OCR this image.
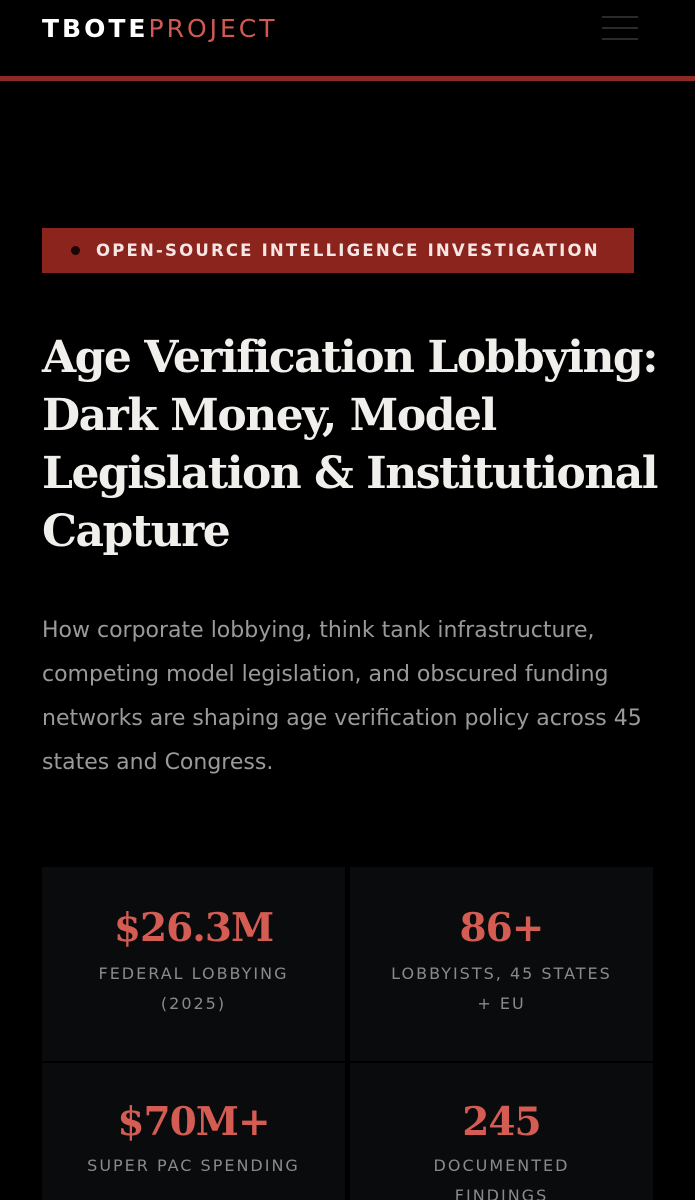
TBOTEPROJECT
OPEN-SOURCE INTELLIGENCE INVESTIGATION
Age Verification Lobbying: Dark Money, Model Legislation & Institutional Capture

How corporate lobbying, think tank infrastructure, competing model legislation, and obscured funding networks are shaping age verification policy across 45 states and Congress.

$26.3M
FEDERAL LOBBYING (2025)
86+
LOBBYISTS, 45 STATES + EU
$70M+
SUPER PAC SPENDING
245
DOCUMENTED FINDINGS
